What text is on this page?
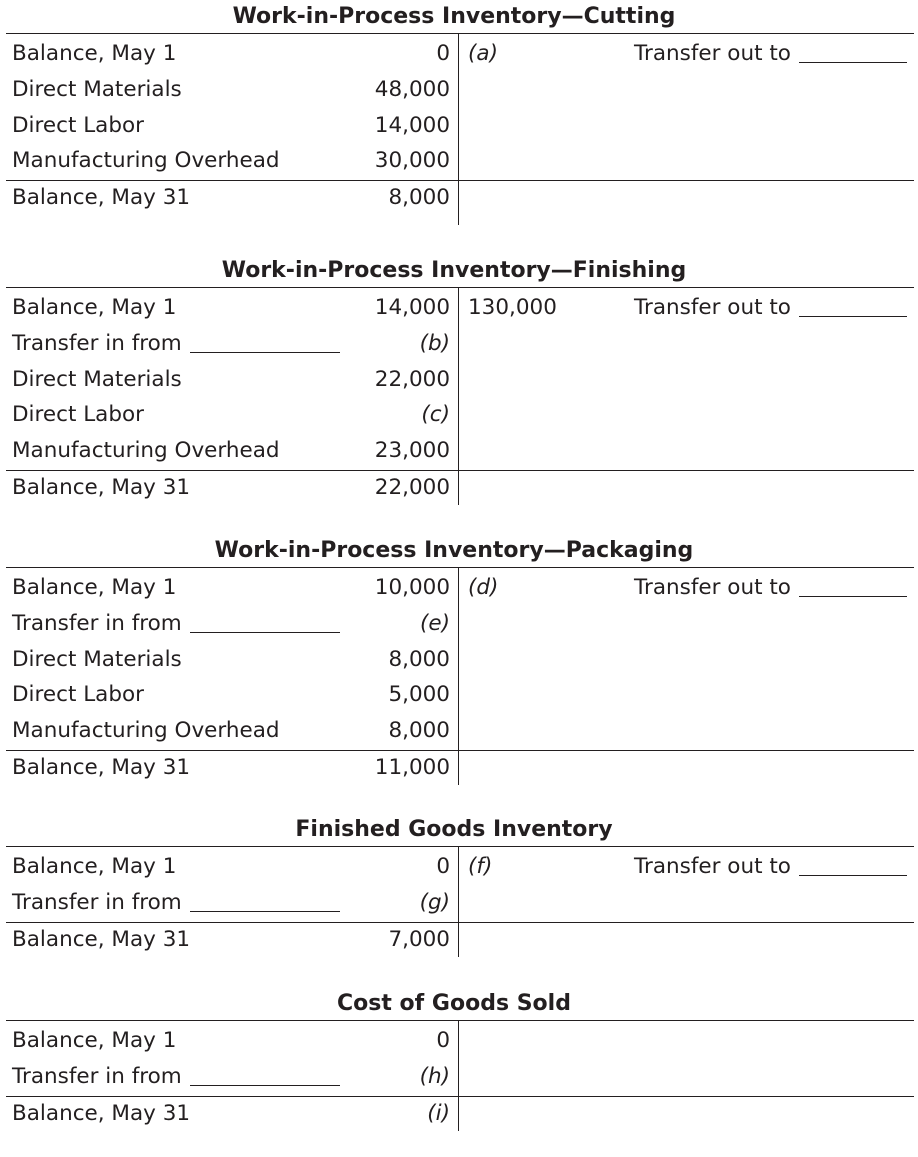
Work-in-Process Inventory—Cutting
Balance, May 1	0 (a)	Transfer out to
Direct Materials	48,000
Direct Labor	14,000
Manufacturing Overhead	30,000
Balance, May 31	8,000
Work-in-Process Inventory—Finishing
Balance, May 1	14,000 130,000	Transfer out to
Transfer in from	(b)
Direct Materials	22,000
Direct Labor	(c)
Manufacturing Overhead	23,000
Balance, May 31	22,000
Work-in-Process Inventory—Packaging
Balance, May 1	10,000 (d)	Transfer out to
Transfer in from	(e)
Direct Materials	8,000
Direct Labor	5,000
Manufacturing Overhead	8,000
Balance, May 31	11,000
Finished Goods Inventory
Balance, May 1	0 (f)	Transfer out to
Transfer in from	(g)
Balance, May 31	7,000
Cost of Goods Sold
Balance, May 1	0
Transfer in from	(h)
Balance, May 31	(i)
